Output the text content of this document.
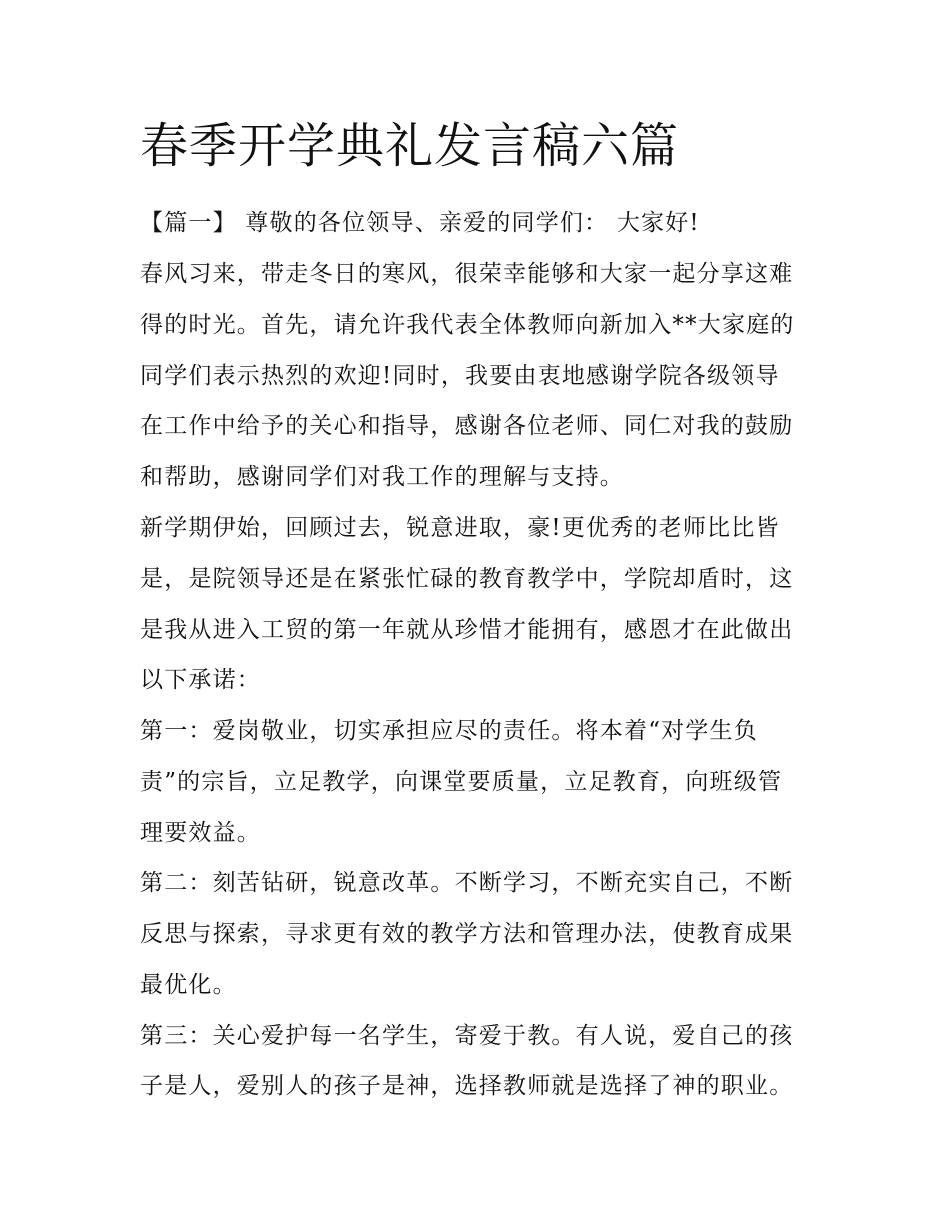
春季开学典礼发言稿六篇

【篇一】 尊敬的各位领导、亲爱的同学们： 大家好!

春风习来，带走冬日的寒风，很荣幸能够和大家一起分享这难

得的时光。首先，请允许我代表全体教师向新加入**大家庭的

同学们表示热烈的欢迎!同时，我要由衷地感谢学院各级领导

在工作中给予的关心和指导，感谢各位老师、同仁对我的鼓励

和帮助，感谢同学们对我工作的理解与支持。

新学期伊始，回顾过去，锐意进取，豪!更优秀的老师比比皆

是，是院领导还是在紧张忙碌的教育教学中，学院却盾时，这

是我从进入工贸的第一年就从珍惜才能拥有，感恩才在此做出

以下承诺：

第一：爱岗敬业，切实承担应尽的责任。将本着“对学生负

责”的宗旨，立足教学，向课堂要质量，立足教育，向班级管

理要效益。

第二：刻苦钻研，锐意改革。不断学习，不断充实自己，不断

反思与探索，寻求更有效的教学方法和管理办法，使教育成果

最优化。

第三：关心爱护每一名学生，寄爱于教。有人说，爱自己的孩

子是人，爱别人的孩子是神，选择教师就是选择了神的职业。
